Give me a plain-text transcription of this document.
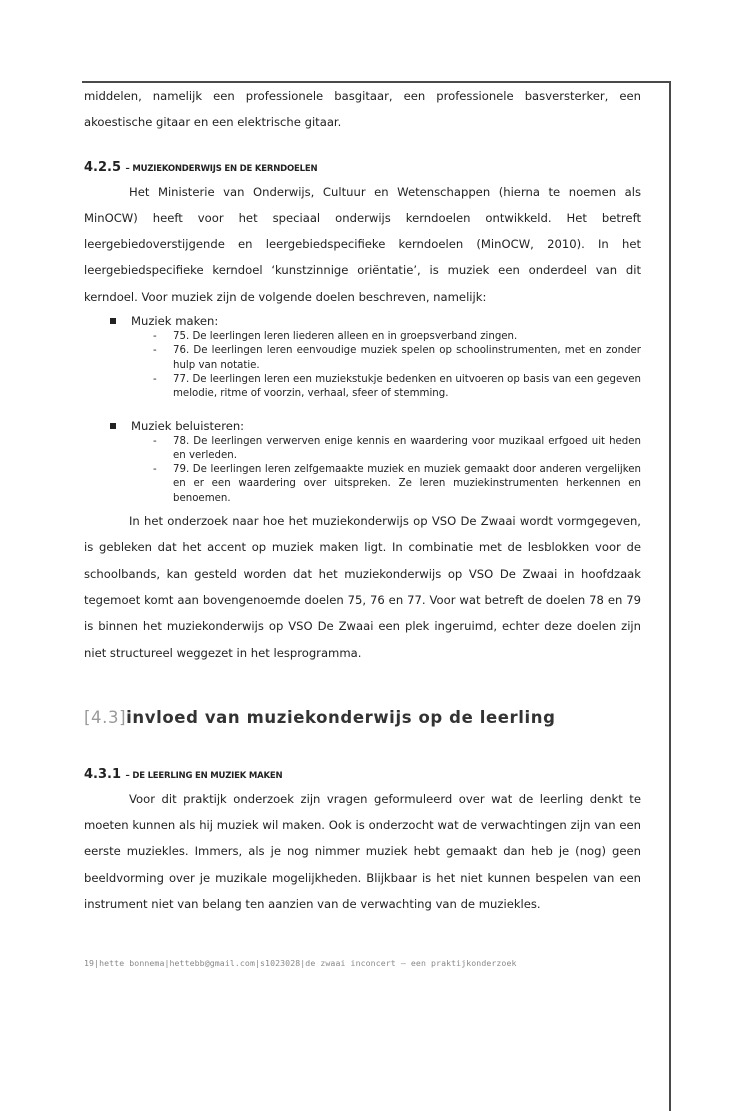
middelen, namelijk een professionele basgitaar, een professionele basversterker, een akoestische gitaar en een elektrische gitaar.

4.2.5 – MUZIEKONDERWIJS EN DE KERNDOELEN

Het Ministerie van Onderwijs, Cultuur en Wetenschappen (hierna te noemen als MinOCW) heeft voor het speciaal onderwijs kerndoelen ontwikkeld. Het betreft leergebiedoverstijgende en leergebiedspecifieke kerndoelen (MinOCW, 2010). In het leergebiedspecifieke kerndoel ‘kunstzinnige oriëntatie’, is muziek een onderdeel van dit kerndoel. Voor muziek zijn de volgende doelen beschreven, namelijk:

Muziek maken:
- 75. De leerlingen leren liederen alleen en in groepsverband zingen.
- 76. De leerlingen leren eenvoudige muziek spelen op schoolinstrumenten, met en zonder hulp van notatie.
- 77. De leerlingen leren een muziekstukje bedenken en uitvoeren op basis van een gegeven melodie, ritme of voorzin, verhaal, sfeer of stemming.
Muziek beluisteren:
- 78. De leerlingen verwerven enige kennis en waardering voor muzikaal erfgoed uit heden en verleden.
- 79. De leerlingen leren zelfgemaakte muziek en muziek gemaakt door anderen vergelijken en er een waardering over uitspreken. Ze leren muziekinstrumenten herkennen en benoemen.

In het onderzoek naar hoe het muziekonderwijs op VSO De Zwaai wordt vormgegeven, is gebleken dat het accent op muziek maken ligt. In combinatie met de lesblokken voor de schoolbands, kan gesteld worden dat het muziekonderwijs op VSO De Zwaai in hoofdzaak tegemoet komt aan bovengenoemde doelen 75, 76 en 77. Voor wat betreft de doelen 78 en 79 is binnen het muziekonderwijs op VSO De Zwaai een plek ingeruimd, echter deze doelen zijn niet structureel weggezet in het lesprogramma.

[4.3]invloed van muziekonderwijs op de leerling
4.3.1 – DE LEERLING EN MUZIEK MAKEN

Voor dit praktijk onderzoek zijn vragen geformuleerd over wat de leerling denkt te moeten kunnen als hij muziek wil maken. Ook is onderzocht wat de verwachtingen zijn van een eerste muziekles. Immers, als je nog nimmer muziek hebt gemaakt dan heb je (nog) geen beeldvorming over je muzikale mogelijkheden. Blijkbaar is het niet kunnen bespelen van een instrument niet van belang ten aanzien van de verwachting van de muziekles.

19|hette bonnema|hettebb@gmail.com|s1023028|de zwaai inconcert – een praktijkonderzoek
